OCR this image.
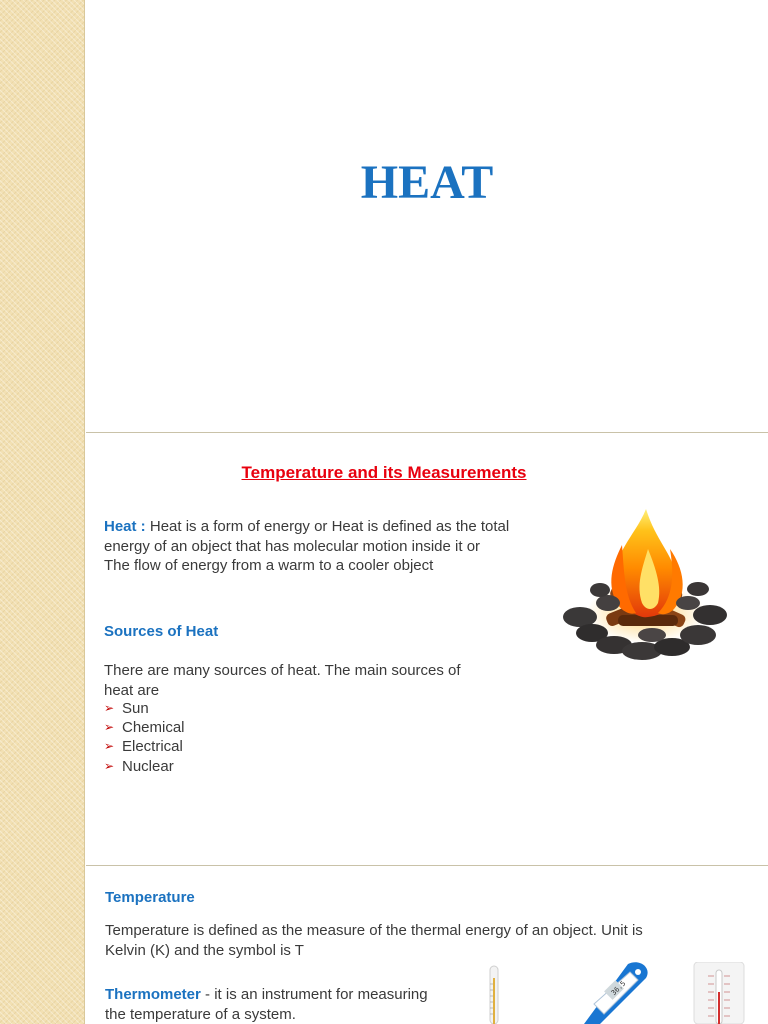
HEAT
Temperature and its Measurements
Heat : Heat is a form of energy or Heat is defined as the total
energy of an object that has molecular motion inside it or
The flow of energy from a warm to a cooler object
Sources of Heat
There are many sources of heat. The main sources of
heat are
➢ Sun
➢ Chemical
➢ Electrical
➢ Nuclear
Temperature
Temperature is defined as the measure of the thermal energy of an object. Unit is
Kelvin (K) and the symbol is T
Thermometer - it is an instrument for measuring
the temperature of a system.
36.5
